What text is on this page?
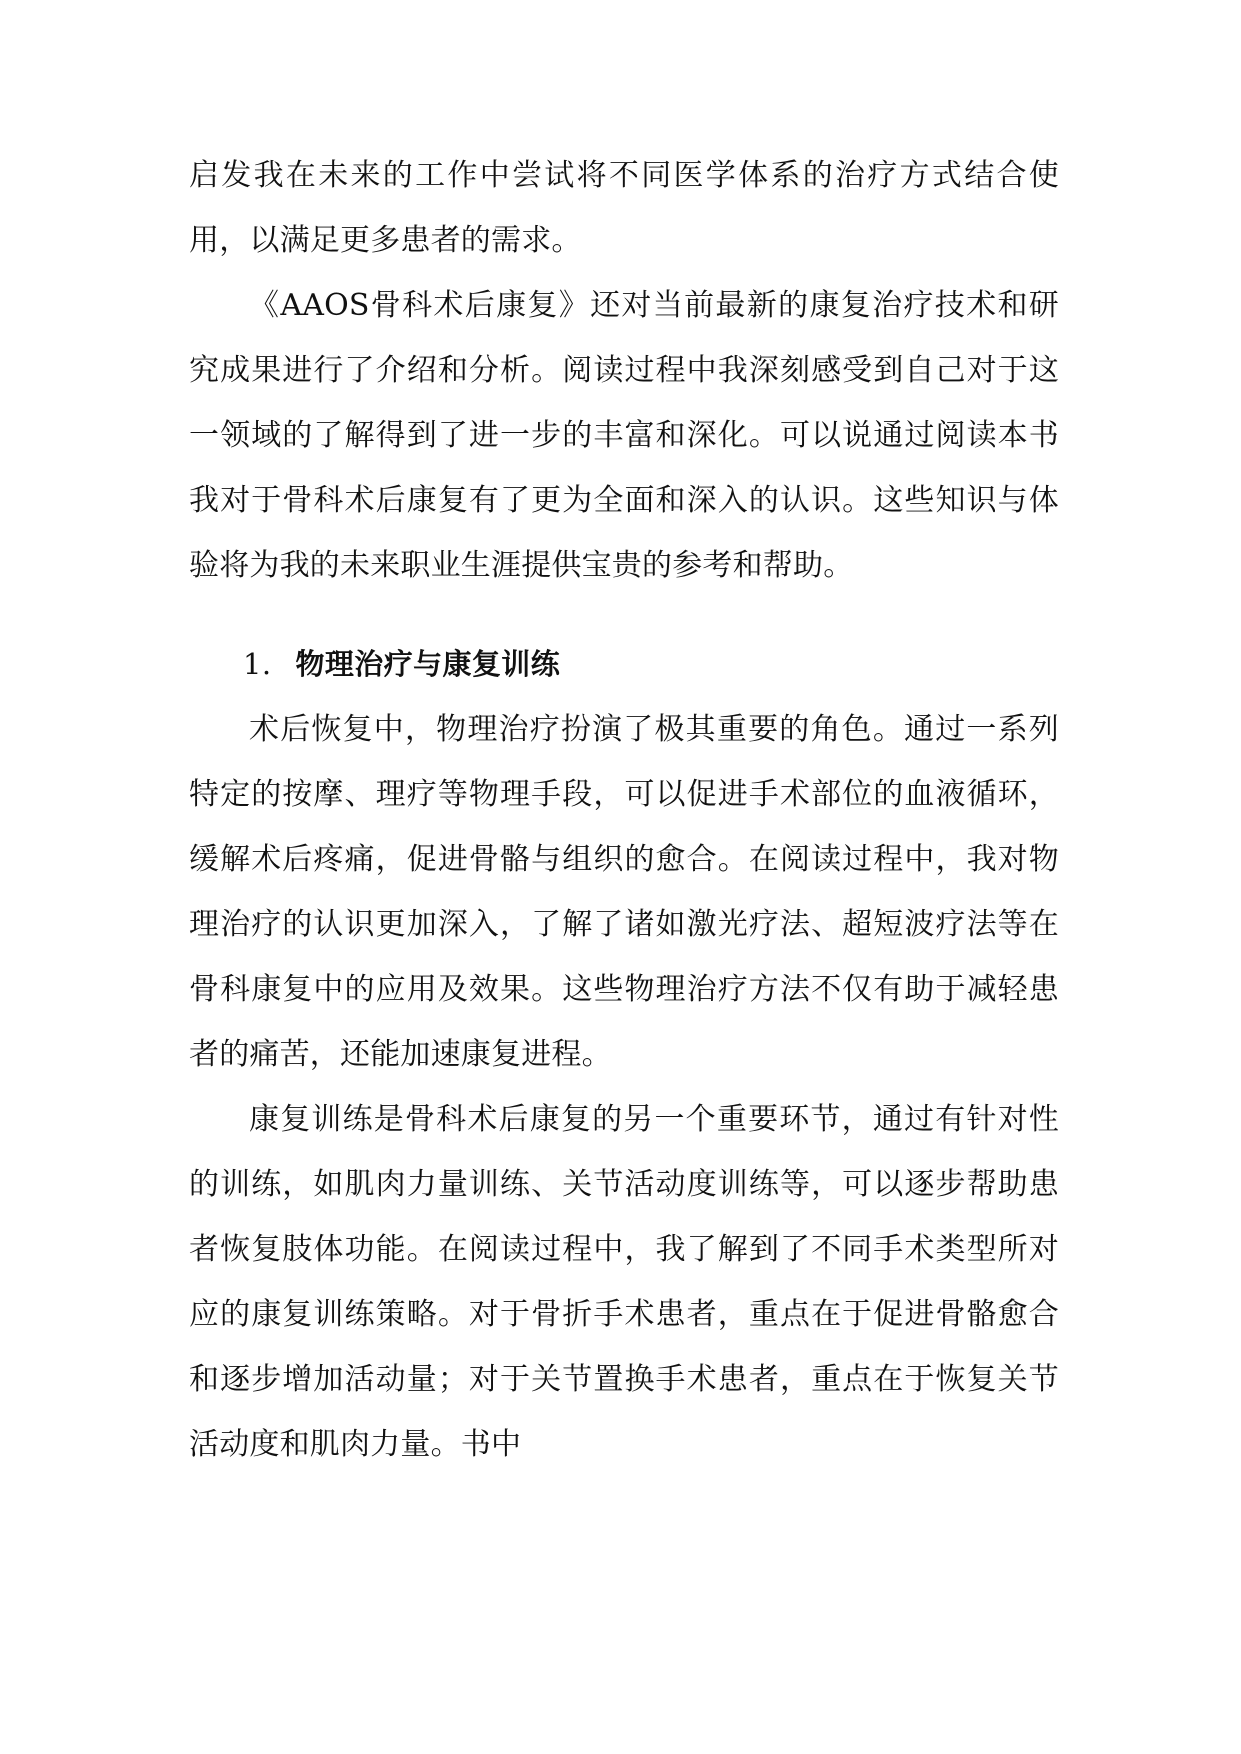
启发我在未来的工作中尝试将不同医学体系的治疗方式结合使用，以满足更多患者的需求。

《AAOS骨科术后康复》还对当前最新的康复治疗技术和研究成果进行了介绍和分析。阅读过程中我深刻感受到自己对于这一领域的了解得到了进一步的丰富和深化。可以说通过阅读本书我对于骨科术后康复有了更为全面和深入的认识。这些知识与体验将为我的未来职业生涯提供宝贵的参考和帮助。

1. 物理治疗与康复训练

术后恢复中，物理治疗扮演了极其重要的角色。通过一系列特定的按摩、理疗等物理手段，可以促进手术部位的血液循环，缓解术后疼痛，促进骨骼与组织的愈合。在阅读过程中，我对物理治疗的认识更加深入，了解了诸如激光疗法、超短波疗法等在骨科康复中的应用及效果。这些物理治疗方法不仅有助于减轻患者的痛苦，还能加速康复进程。

康复训练是骨科术后康复的另一个重要环节，通过有针对性的训练，如肌肉力量训练、关节活动度训练等，可以逐步帮助患者恢复肢体功能。在阅读过程中，我了解到了不同手术类型所对应的康复训练策略。对于骨折手术患者，重点在于促进骨骼愈合和逐步增加活动量；对于关节置换手术患者，重点在于恢复关节活动度和肌肉力量。书中
